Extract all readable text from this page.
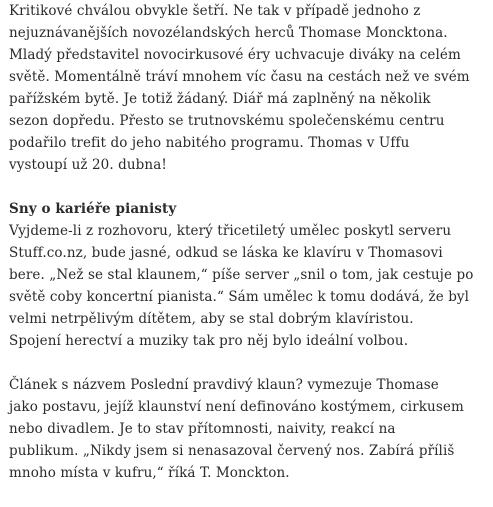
Kritikové chválou obvykle šetří. Ne tak v případě jednoho z
nejuznávanějších novozélandských herců Thomase Moncktona.
Mladý představitel novocirkusové éry uchvacuje diváky na celém
světě. Momentálně tráví mnohem víc času na cestách než ve svém
pařížském bytě. Je totiž žádaný. Diář má zaplněný na několik
sezon dopředu. Přesto se trutnovskému společenskému centru
podařilo trefit do jeho nabitého programu. Thomas v Uffu
vystoupí už 20. dubna!
Sny o kariéře pianisty
Vyjdeme-li z rozhovoru, který třicetiletý umělec poskytl serveru
Stuff.co.nz, bude jasné, odkud se láska ke klavíru v Thomasovi
bere. „Než se stal klaunem,“ píše server „snil o tom, jak cestuje po
světě coby koncertní pianista.“ Sám umělec k tomu dodává, že byl
velmi netrpělivým dítětem, aby se stal dobrým klavíristou.
Spojení herectví a muziky tak pro něj bylo ideální volbou.
Článek s názvem Poslední pravdivý klaun? vymezuje Thomase
jako postavu, jejíž klaunství není definováno kostýmem, cirkusem
nebo divadlem. Je to stav přítomnosti, naivity, reakcí na
publikum. „Nikdy jsem si nenasazoval červený nos. Zabírá příliš
mnoho místa v kufru,“ říká T. Monckton.
